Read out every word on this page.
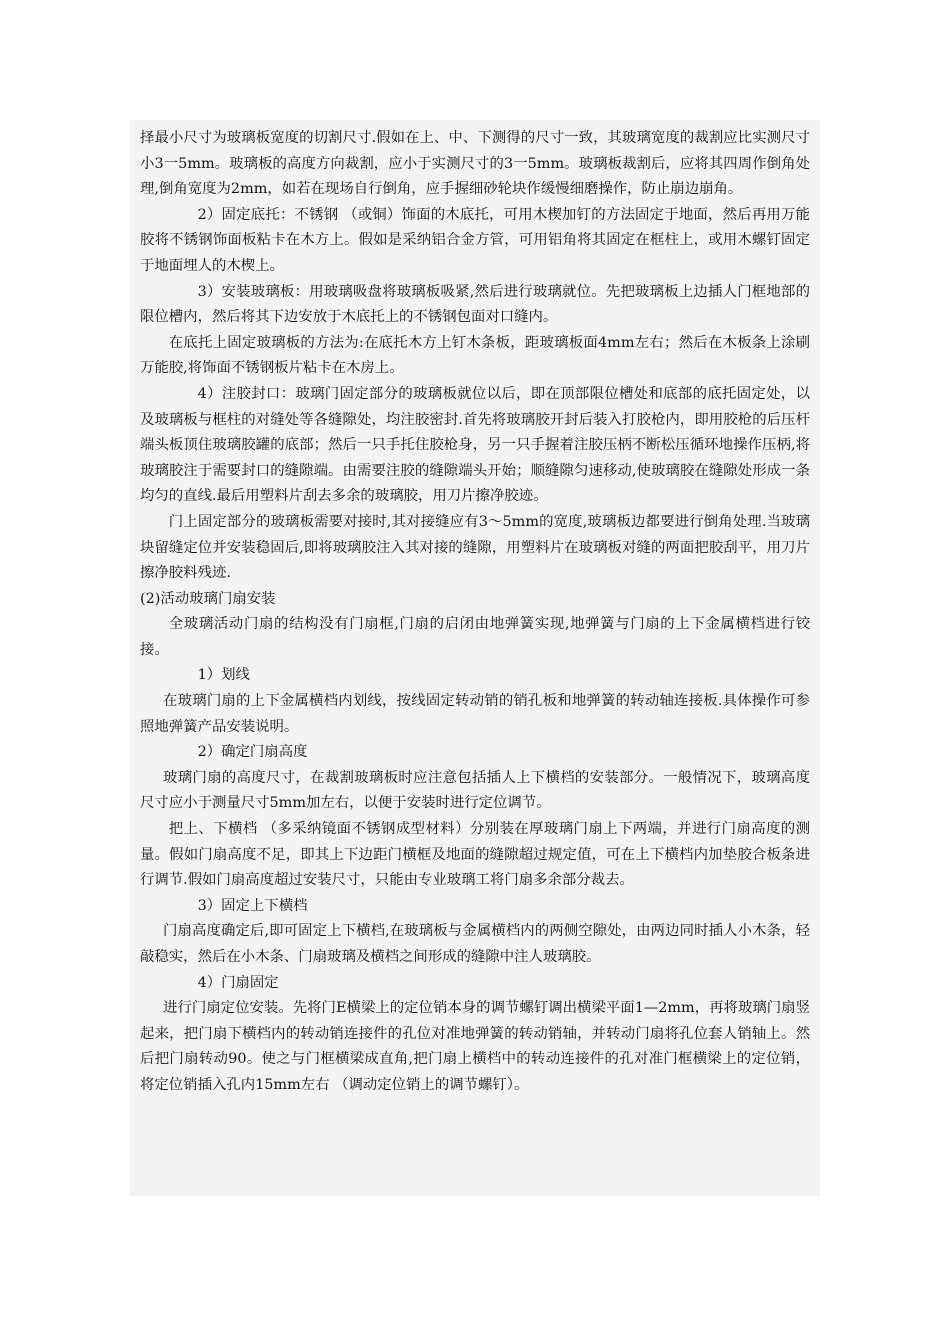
择最小尺寸为玻璃板宽度的切割尺寸.假如在上、中、下测得的尺寸一致，其玻璃宽度的裁割应比实测尺寸小3一5mm。玻璃板的高度方向裁割，应小于实测尺寸的3一5mm。玻璃板裁割后，应将其四周作倒角处理,倒角宽度为2mm，如若在现场自行倒角，应手握细砂轮块作缓慢细磨操作，防止崩边崩角。

2）固定底托：不锈钢 （或铜）饰面的木底托，可用木楔加钉的方法固定于地面，然后再用万能胶将不锈钢饰面板粘卡在木方上。假如是采纳铝合金方管，可用铝角将其固定在框柱上，或用木螺钉固定于地面埋人的木楔上。

3）安装玻璃板：用玻璃吸盘将玻璃板吸紧,然后进行玻璃就位。先把玻璃板上边插人门框地部的限位槽内，然后将其下边安放于木底托上的不锈钢包面对口缝内。

在底托上固定玻璃板的方法为:在底托木方上钉木条板，距玻璃板面4mm左右；然后在木板条上涂刷万能胶,将饰面不锈钢板片粘卡在木房上。

4）注胶封口：玻璃门固定部分的玻璃板就位以后，即在顶部限位槽处和底部的底托固定处，以及玻璃板与框柱的对缝处等各缝隙处，均注胶密封.首先将玻璃胶开封后装入打胶枪内，即用胶枪的后压杆端头板顶住玻璃胶罐的底部；然后一只手托住胶枪身，另一只手握着注胶压柄不断松压循环地操作压柄,将玻璃胶注于需要封口的缝隙端。由需要注胶的缝隙端头开始；顺缝隙匀速移动,使玻璃胶在缝隙处形成一条均匀的直线.最后用塑料片刮去多余的玻璃胶，用刀片擦净胶迹。

门上固定部分的玻璃板需要对接时,其对接缝应有3～5mm的宽度,玻璃板边都要进行倒角处理.当玻璃块留缝定位并安装稳固后,即将玻璃胶注入其对接的缝隙，用塑料片在玻璃板对缝的两面把胶刮平，用刀片擦净胶料残迹.

(2)活动玻璃门扇安装

全玻璃活动门扇的结构没有门扇框,门扇的启闭由地弹簧实现,地弹簧与门扇的上下金属横档进行铰接。

1）划线

在玻璃门扇的上下金属横档内划线，按线固定转动销的销孔板和地弹簧的转动轴连接板.具体操作可参照地弹簧产品安装说明。

2）确定门扇高度

玻璃门扇的高度尺寸，在裁割玻璃板时应注意包括插人上下横档的安装部分。一般情况下，玻璃高度尺寸应小于测量尺寸5mm加左右，以便于安装时进行定位调节。

把上、下横档 （多采纳镜面不锈钢成型材料）分别装在厚玻璃门扇上下两端，并进行门扇高度的测量。假如门扇高度不足，即其上下边距门横框及地面的缝隙超过规定值，可在上下横档内加垫胶合板条进行调节.假如门扇高度超过安装尺寸，只能由专业玻璃工将门扇多余部分裁去。

3）固定上下横档

门扇高度确定后,即可固定上下横档,在玻璃板与金属横档内的两侧空隙处，由两边同时插人小木条，轻敲稳实，然后在小木条、门扇玻璃及横档之间形成的缝隙中注人玻璃胶。

4）门扇固定

进行门扇定位安装。先将门E横梁上的定位销本身的调节螺钉调出横梁平面1—2mm，再将玻璃门扇竖起来，把门扇下横档内的转动销连接件的孔位对准地弹簧的转动销轴，并转动门扇将孔位套人销轴上。然后把门扇转动90。使之与门框横梁成直角,把门扇上横档中的转动连接件的孔对准门框横梁上的定位销，将定位销插入孔内15mm左右 （调动定位销上的调节螺钉）。
